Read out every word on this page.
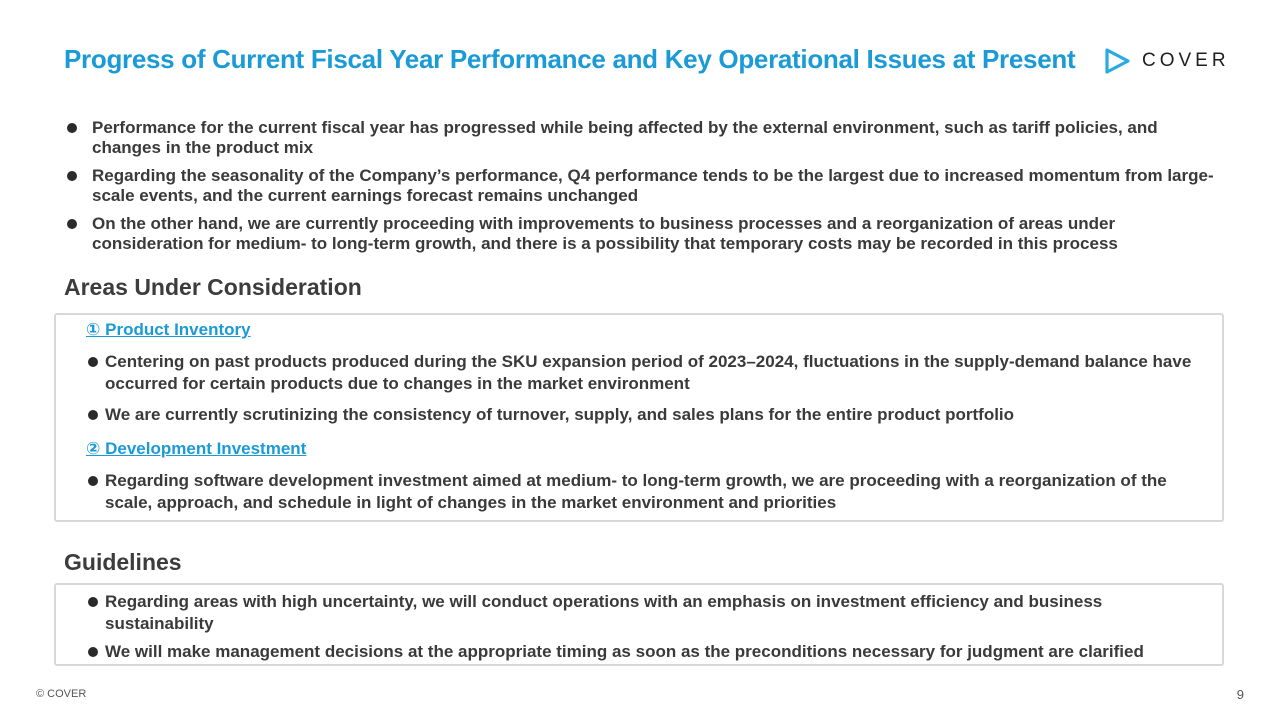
Progress of Current Fiscal Year Performance and Key Operational Issues at Present	COVER
Performance for the current fiscal year has progressed while being affected by the external environment, such as tariff policies, and changes in the product mix
Regarding the seasonality of the Company’s performance, Q4 performance tends to be the largest due to increased momentum from large-scale events, and the current earnings forecast remains unchanged
On the other hand, we are currently proceeding with improvements to business processes and a reorganization of areas under consideration for medium- to long-term growth, and there is a possibility that temporary costs may be recorded in this process
Areas Under Consideration
① Product Inventory
Centering on past products produced during the SKU expansion period of 2023–2024, fluctuations in the supply-demand balance have occurred for certain products due to changes in the market environment
We are currently scrutinizing the consistency of turnover, supply, and sales plans for the entire product portfolio
② Development Investment
Regarding software development investment aimed at medium- to long-term growth, we are proceeding with a reorganization of the scale, approach, and schedule in light of changes in the market environment and priorities
Guidelines
Regarding areas with high uncertainty, we will conduct operations with an emphasis on investment efficiency and business sustainability
We will make management decisions at the appropriate timing as soon as the preconditions necessary for judgment are clarified
© COVER	9
